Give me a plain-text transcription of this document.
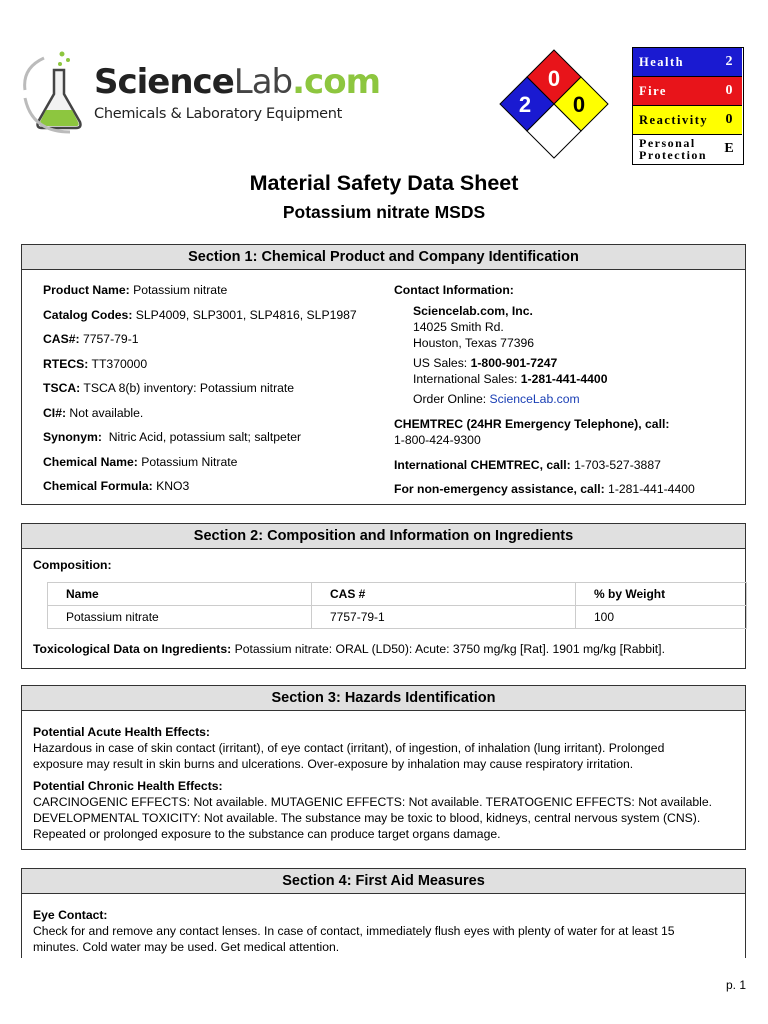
ScienceLab.com
Chemicals & Laboratory Equipment
0
2 0
Health	2
Fire	0
Reactivity	0
Personal Protection	E
Material Safety Data Sheet
Potassium nitrate MSDS
Section 1: Chemical Product and Company Identification
Product Name: Potassium nitrate
Catalog Codes: SLP4009, SLP3001, SLP4816, SLP1987
CAS#: 7757-79-1
RTECS: TT370000
TSCA: TSCA 8(b) inventory: Potassium nitrate
CI#: Not available.
Synonym:  Nitric Acid, potassium salt; saltpeter
Chemical Name: Potassium Nitrate
Chemical Formula: KNO3
Contact Information:
Sciencelab.com, Inc.
14025 Smith Rd.
Houston, Texas 77396
US Sales: 1-800-901-7247
International Sales: 1-281-441-4400
Order Online: ScienceLab.com
CHEMTREC (24HR Emergency Telephone), call:
1-800-424-9300
International CHEMTREC, call: 1-703-527-3887
For non-emergency assistance, call: 1-281-441-4400
Section 2: Composition and Information on Ingredients
Composition:
Name	CAS #	% by Weight
Potassium nitrate	7757-79-1	100
Toxicological Data on Ingredients: Potassium nitrate: ORAL (LD50): Acute: 3750 mg/kg [Rat]. 1901 mg/kg [Rabbit].
Section 3: Hazards Identification
Potential Acute Health Effects:
Hazardous in case of skin contact (irritant), of eye contact (irritant), of ingestion, of inhalation (lung irritant). Prolonged
exposure may result in skin burns and ulcerations. Over-exposure by inhalation may cause respiratory irritation.
Potential Chronic Health Effects:
CARCINOGENIC EFFECTS: Not available. MUTAGENIC EFFECTS: Not available. TERATOGENIC EFFECTS: Not available.
DEVELOPMENTAL TOXICITY: Not available. The substance may be toxic to blood, kidneys, central nervous system (CNS).
Repeated or prolonged exposure to the substance can produce target organs damage.
Section 4: First Aid Measures
Eye Contact:
Check for and remove any contact lenses. In case of contact, immediately flush eyes with plenty of water for at least 15
minutes. Cold water may be used. Get medical attention.
p. 1
